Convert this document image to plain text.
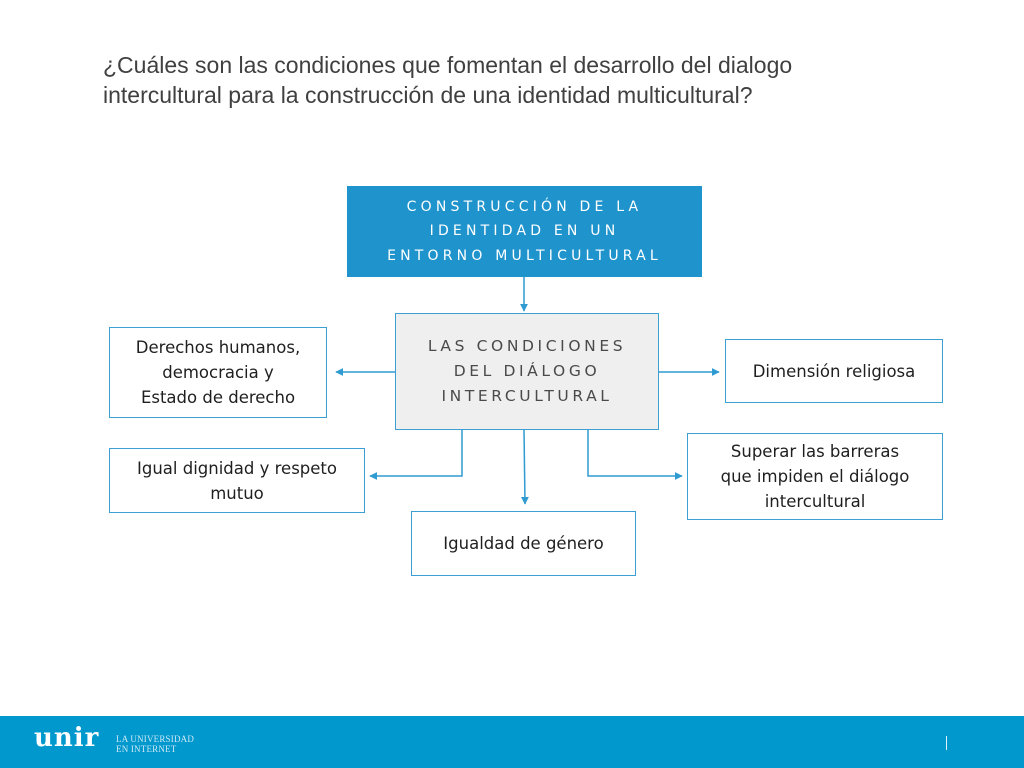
¿Cuáles son las condiciones que fomentan el desarrollo del dialogo
intercultural para la construcción de una identidad multicultural?
CONSTRUCCIÓN DE LA
IDENTIDAD EN UN
ENTORNO MULTICULTURAL
LAS CONDICIONES
DEL DIÁLOGO
INTERCULTURAL
Derechos humanos,
democracia y
Estado de derecho
Dimensión religiosa
Igual dignidad y respeto
mutuo
Superar las barreras
que impiden el diálogo
intercultural
Igualdad de género
unir LA UNIVERSIDAD
EN INTERNET
